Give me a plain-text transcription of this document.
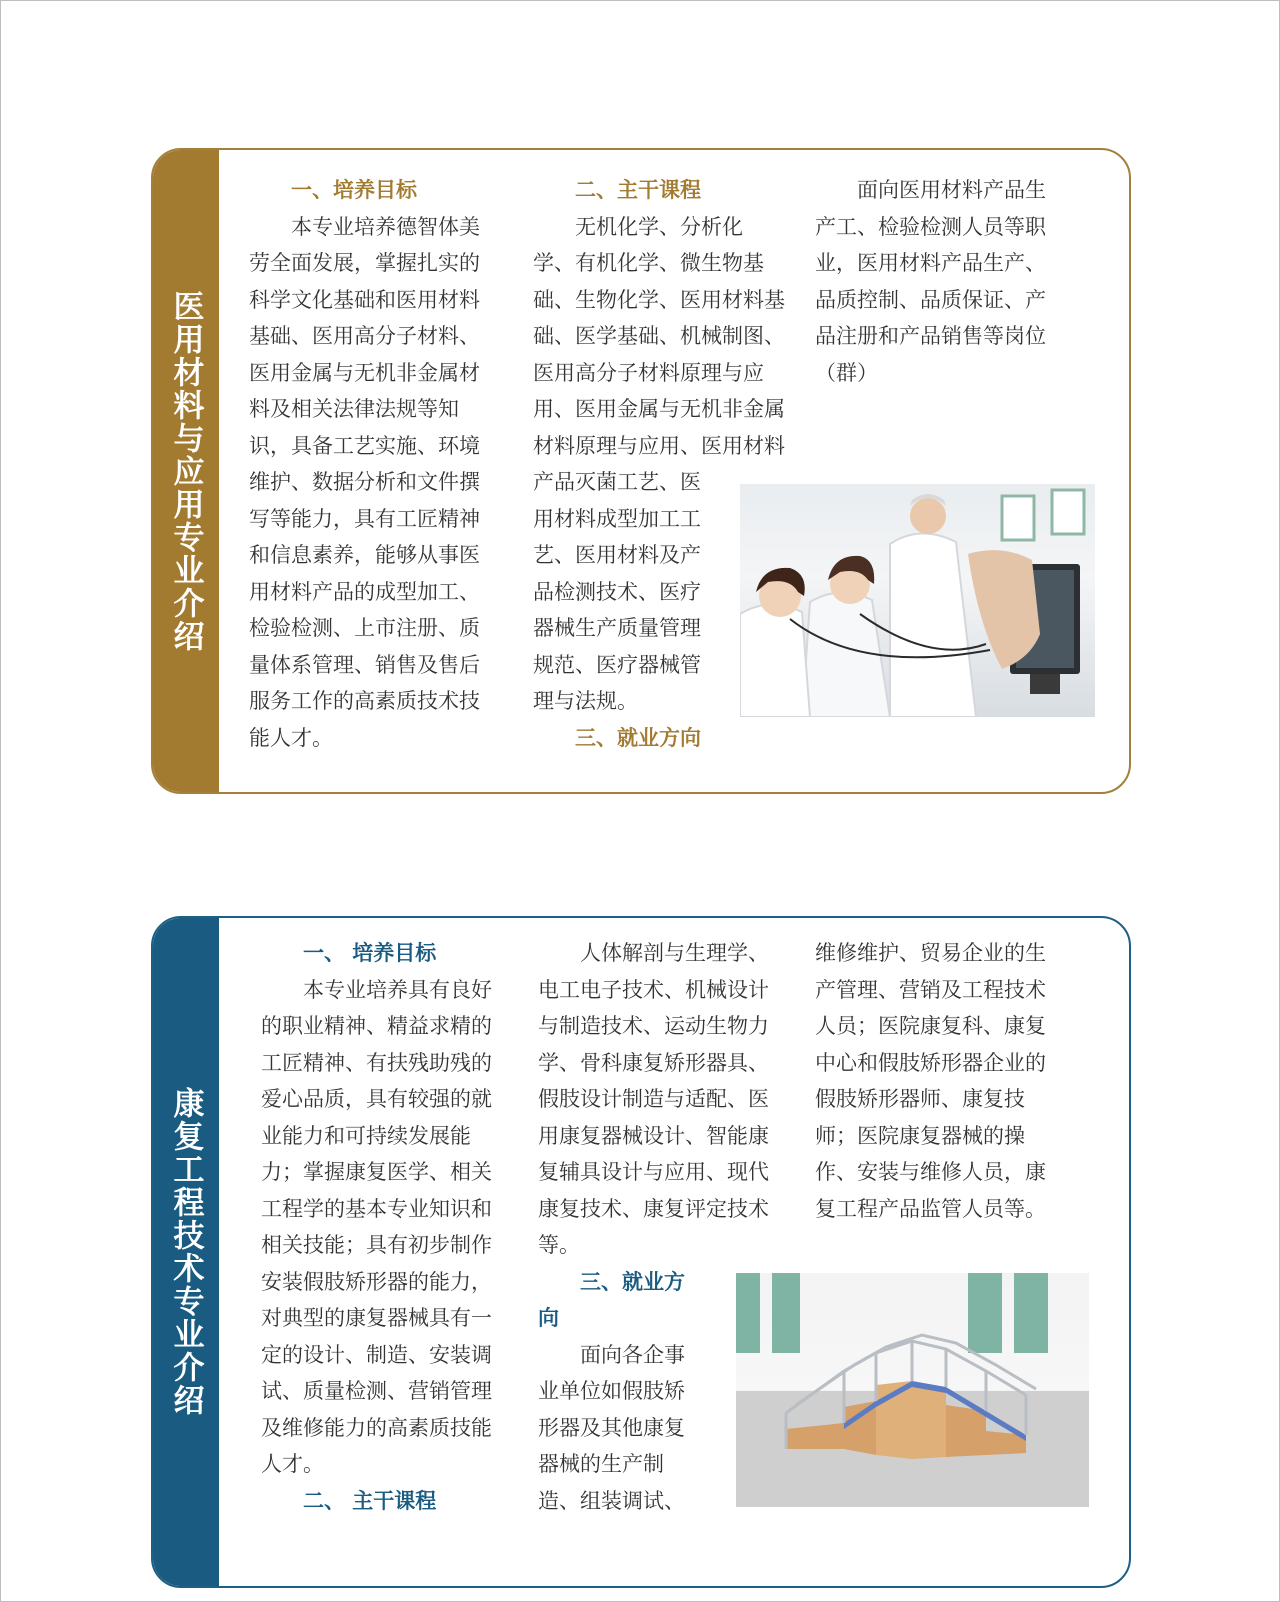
医用材料与应用专业介绍
　　一、培养目标
　　本专业培养德智体美
劳全面发展，掌握扎实的
科学文化基础和医用材料
基础、医用高分子材料、
医用金属与无机非金属材
料及相关法律法规等知
识，具备工艺实施、环境
维护、数据分析和文件撰
写等能力，具有工匠精神
和信息素养，能够从事医
用材料产品的成型加工、
检验检测、上市注册、质
量体系管理、销售及售后
服务工作的高素质技术技
能人才。
　　二、主干课程
　　无机化学、分析化
学、有机化学、微生物基
础、生物化学、医用材料基
础、医学基础、机械制图、
医用高分子材料原理与应
用、医用金属与无机非金属
材料原理与应用、医用材料
产品灭菌工艺、医
用材料成型加工工
艺、医用材料及产
品检测技术、医疗
器械生产质量管理
规范、医疗器械管
理与法规。
　　三、就业方向
　　面向医用材料产品生
产工、检验检测人员等职
业，医用材料产品生产、
品质控制、品质保证、产
品注册和产品销售等岗位
（群）
康复工程技术专业介绍
　　一、 培养目标
　　本专业培养具有良好
的职业精神、精益求精的
工匠精神、有扶残助残的
爱心品质，具有较强的就
业能力和可持续发展能
力；掌握康复医学、相关
工程学的基本专业知识和
相关技能；具有初步制作
安装假肢矫形器的能力，
对典型的康复器械具有一
定的设计、制造、安装调
试、质量检测、营销管理
及维修能力的高素质技能
人才。
　　二、 主干课程
　　人体解剖与生理学、
电工电子技术、机械设计
与制造技术、运动生物力
学、骨科康复矫形器具、
假肢设计制造与适配、医
用康复器械设计、智能康
复辅具设计与应用、现代
康复技术、康复评定技术
等。
　　三、就业方
向
　　面向各企事
业单位如假肢矫
形器及其他康复
器械的生产制
造、组装调试、
维修维护、贸易企业的生
产管理、营销及工程技术
人员；医院康复科、康复
中心和假肢矫形器企业的
假肢矫形器师、康复技
师；医院康复器械的操
作、安装与维修人员，康
复工程产品监管人员等。
